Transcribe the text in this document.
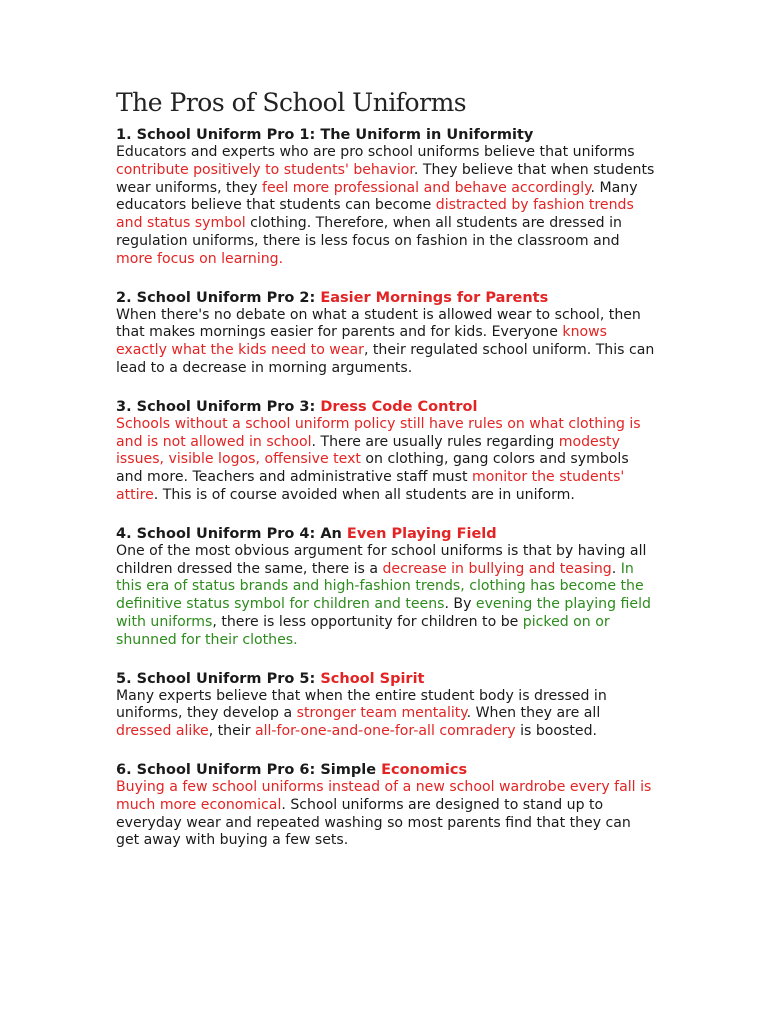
The Pros of School Uniforms

1. School Uniform Pro 1: The Uniform in Uniformity

Educators and experts who are pro school uniforms believe that uniforms contribute positively to students' behavior. They believe that when students wear uniforms, they feel more professional and behave accordingly. Many educators believe that students can become distracted by fashion trends and status symbol clothing. Therefore, when all students are dressed in regulation uniforms, there is less focus on fashion in the classroom and more focus on learning.

2. School Uniform Pro 2: Easier Mornings for Parents

When there's no debate on what a student is allowed wear to school, then that makes mornings easier for parents and for kids. Everyone knows exactly what the kids need to wear, their regulated school uniform. This can lead to a decrease in morning arguments.

3. School Uniform Pro 3: Dress Code Control

Schools without a school uniform policy still have rules on what clothing is and is not allowed in school. There are usually rules regarding modesty issues, visible logos, offensive text on clothing, gang colors and symbols and more. Teachers and administrative staff must monitor the students' attire. This is of course avoided when all students are in uniform.

4. School Uniform Pro 4: An Even Playing Field

One of the most obvious argument for school uniforms is that by having all children dressed the same, there is a decrease in bullying and teasing. In this era of status brands and high-fashion trends, clothing has become the definitive status symbol for children and teens. By evening the playing field with uniforms, there is less opportunity for children to be picked on or shunned for their clothes.

5. School Uniform Pro 5: School Spirit

Many experts believe that when the entire student body is dressed in uniforms, they develop a stronger team mentality. When they are all dressed alike, their all-for-one-and-one-for-all comradery is boosted.

6. School Uniform Pro 6: Simple Economics

Buying a few school uniforms instead of a new school wardrobe every fall is much more economical. School uniforms are designed to stand up to everyday wear and repeated washing so most parents find that they can get away with buying a few sets.
